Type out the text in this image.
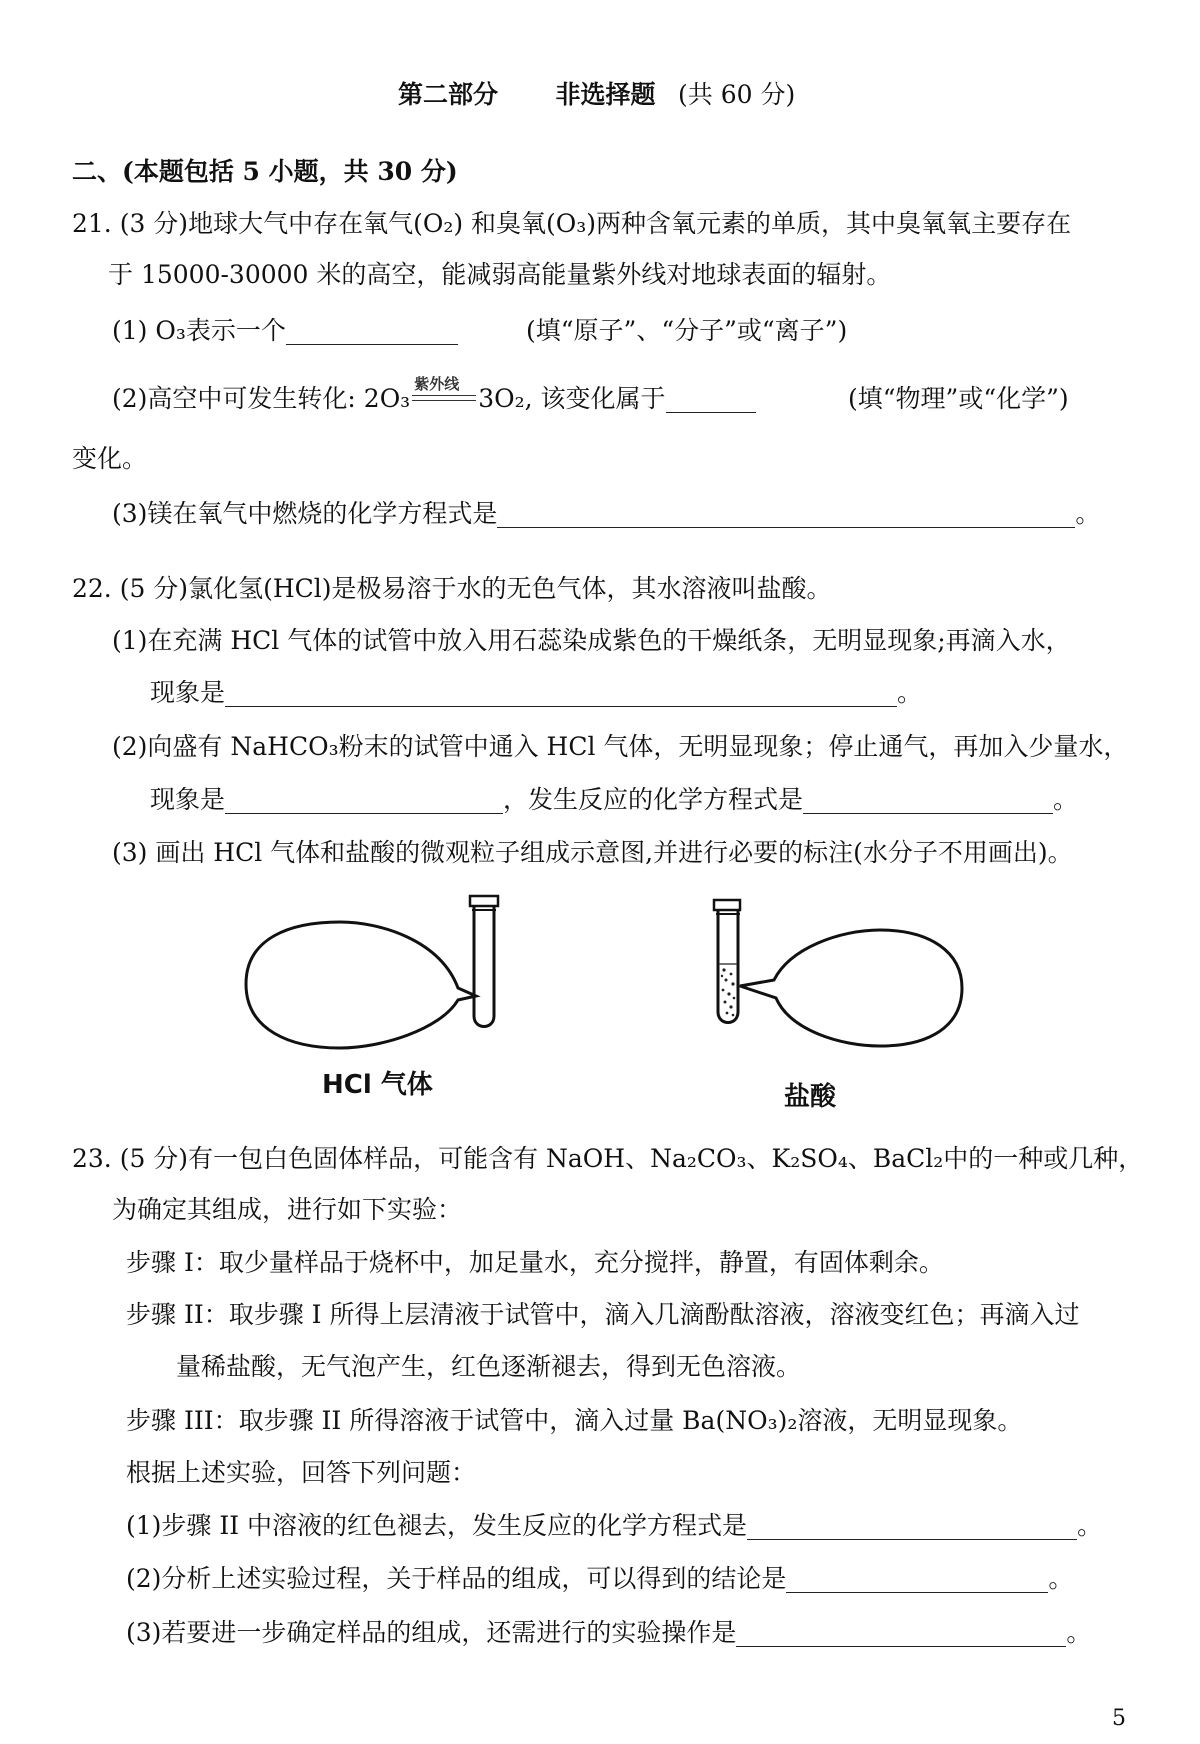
第二部分 非选择题 (共 60 分)
二、(本题包括 5 小题，共 30 分)
21. (3 分)地球大气中存在氧气(O₂) 和臭氧(O₃)两种含氧元素的单质，其中臭氧氧主要存在
于 15000-30000 米的高空，能减弱高能量紫外线对地球表面的辐射。
(1) O₃表示一个	(填“原子”、“分子”或“离子”)
(2)高空中可发生转化: 2O₃ 紫外线 3O₂, 该变化属于	(填“物理”或“化学”)
变化。
(3)镁在氧气中燃烧的化学方程式是	。
22. (5 分)氯化氢(HCl)是极易溶于水的无色气体，其水溶液叫盐酸。
(1)在充满 HCl 气体的试管中放入用石蕊染成紫色的干燥纸条，无明显现象;再滴入水，
现象是	。
(2)向盛有 NaHCO₃粉末的试管中通入 HCl 气体，无明显现象；停止通气，再加入少量水，
现象是	，发生反应的化学方程式是	。
(3) 画出 HCl 气体和盐酸的微观粒子组成示意图,并进行必要的标注(水分子不用画出)。
HCl 气体	盐酸
23. (5 分)有一包白色固体样品，可能含有 NaOH、Na₂CO₃、K₂SO₄、BaCl₂中的一种或几种，
为确定其组成，进行如下实验：
步骤 I：取少量样品于烧杯中，加足量水，充分搅拌，静置，有固体剩余。
步骤 II：取步骤 I 所得上层清液于试管中，滴入几滴酚酞溶液，溶液变红色；再滴入过
量稀盐酸，无气泡产生，红色逐渐褪去，得到无色溶液。
步骤 III：取步骤 II 所得溶液于试管中，滴入过量 Ba(NO₃)₂溶液，无明显现象。
根据上述实验，回答下列问题：
(1)步骤 II 中溶液的红色褪去，发生反应的化学方程式是	。
(2)分析上述实验过程，关于样品的组成，可以得到的结论是	。
(3)若要进一步确定样品的组成，还需进行的实验操作是	。
5
